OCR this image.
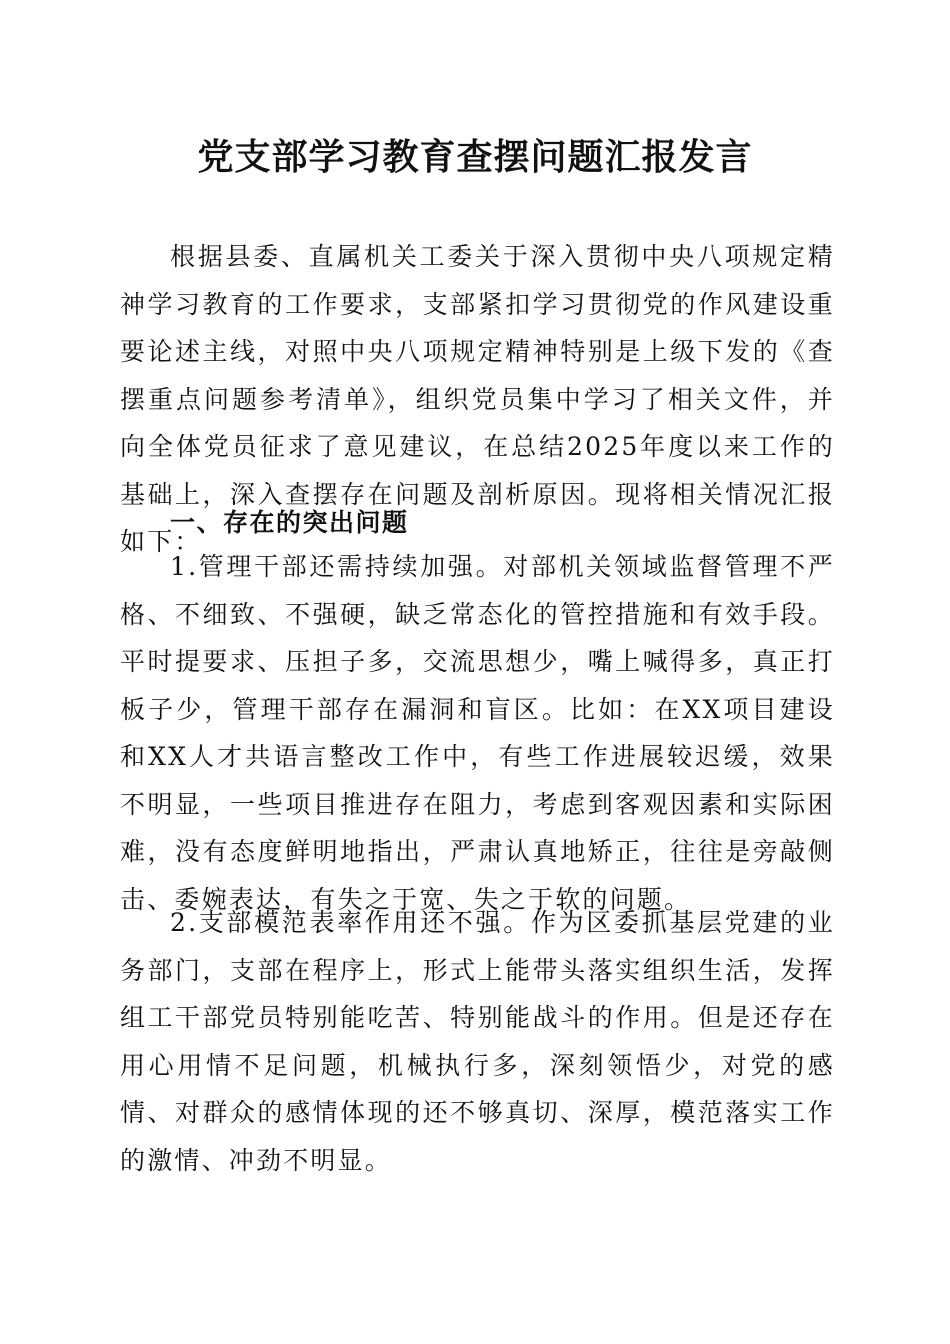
党支部学习教育查摆问题汇报发言

根据县委、直属机关工委关于深入贯彻中央八项规定精神学习教育的工作要求，支部紧扣学习贯彻党的作风建设重要论述主线，对照中央八项规定精神特别是上级下发的《查摆重点问题参考清单》，组织党员集中学习了相关文件，并向全体党员征求了意见建议，在总结2025年度以来工作的基础上，深入查摆存在问题及剖析原因。现将相关情况汇报如下：

一、存在的突出问题

1.管理干部还需持续加强。对部机关领域监督管理不严格、不细致、不强硬，缺乏常态化的管控措施和有效手段。平时提要求、压担子多，交流思想少，嘴上喊得多，真正打板子少，管理干部存在漏洞和盲区。比如：在XX项目建设和XX人才共语言整改工作中，有些工作进展较迟缓，效果不明显，一些项目推进存在阻力，考虑到客观因素和实际困难，没有态度鲜明地指出，严肃认真地矫正，往往是旁敲侧击、委婉表达，有失之于宽、失之于软的问题。

2.支部模范表率作用还不强。作为区委抓基层党建的业务部门，支部在程序上，形式上能带头落实组织生活，发挥组工干部党员特别能吃苦、特别能战斗的作用。但是还存在用心用情不足问题，机械执行多，深刻领悟少，对党的感情、对群众的感情体现的还不够真切、深厚，模范落实工作的激情、冲劲不明显。
